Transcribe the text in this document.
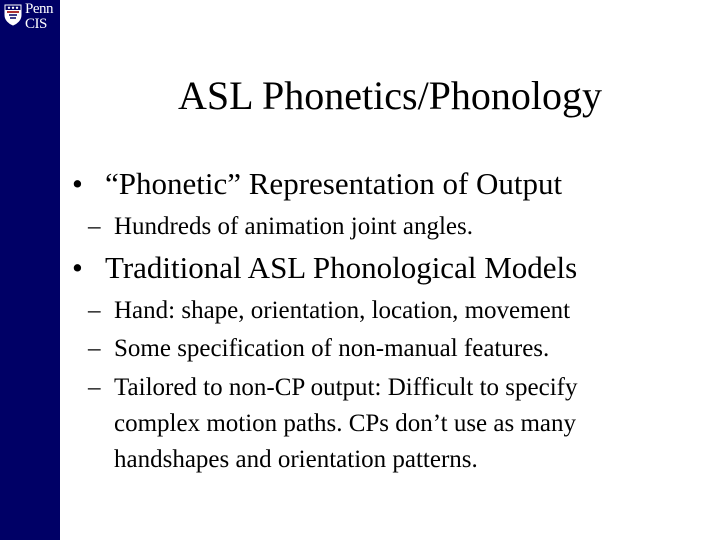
Penn
CIS
ASL Phonetics/Phonology
• “Phonetic” Representation of Output
– Hundreds of animation joint angles.
• Traditional ASL Phonological Models
– Hand: shape, orientation, location, movement
– Some specification of non-manual features.
– Tailored to non-CP output: Difficult to specify
complex motion paths. CPs don’t use as many
handshapes and orientation patterns.
